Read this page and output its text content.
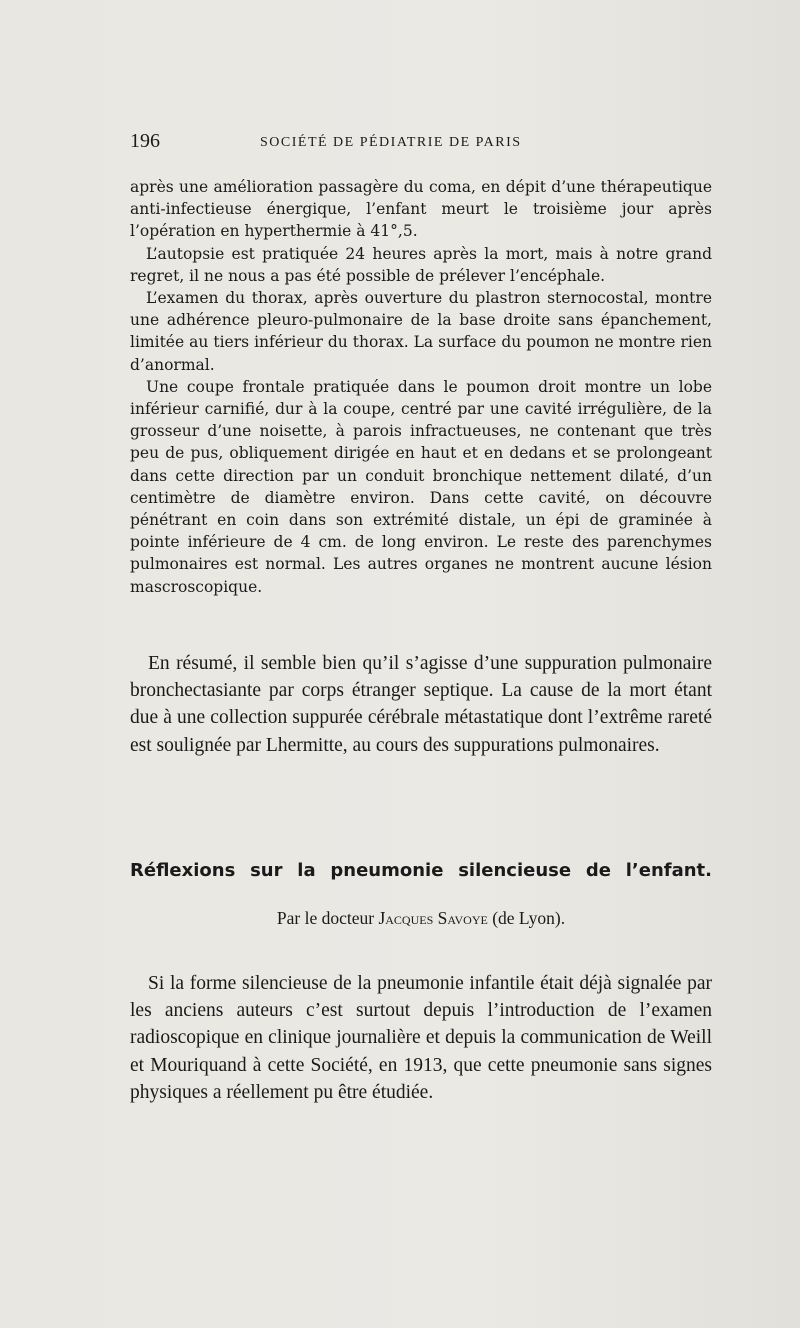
196	SOCIÉTÉ DE PÉDIATRIE DE PARIS

après une amélioration passagère du coma, en dépit d’une thérapeutique anti-infectieuse énergique, l’enfant meurt le troisième jour après l’opération en hyperthermie à 41°,5.

L’autopsie est pratiquée 24 heures après la mort, mais à notre grand regret, il ne nous a pas été possible de prélever l’encéphale.

L’examen du thorax, après ouverture du plastron sternocostal, montre une adhérence pleuro-pulmonaire de la base droite sans épanchement, limitée au tiers inférieur du thorax. La surface du poumon ne montre rien d’anormal.

Une coupe frontale pratiquée dans le poumon droit montre un lobe inférieur carnifié, dur à la coupe, centré par une cavité irrégulière, de la grosseur d’une noisette, à parois infractueuses, ne contenant que très peu de pus, obliquement dirigée en haut et en dedans et se prolongeant dans cette direction par un conduit bronchique nettement dilaté, d’un centimètre de diamètre environ. Dans cette cavité, on découvre pénétrant en coin dans son extrémité distale, un épi de graminée à pointe inférieure de 4 cm. de long environ. Le reste des parenchymes pulmonaires est normal. Les autres organes ne montrent aucune lésion mascroscopique.

En résumé, il semble bien qu’il s’agisse d’une suppuration pulmonaire bronchectasiante par corps étranger septique. La cause de la mort étant due à une collection suppurée cérébrale métastatique dont l’extrême rareté est soulignée par Lhermitte, au cours des suppurations pulmonaires.

Réflexions sur la pneumonie silencieuse de l’enfant.

Par le docteur Jacques Savoye (de Lyon).

Si la forme silencieuse de la pneumonie infantile était déjà signalée par les anciens auteurs c’est surtout depuis l’introduction de l’examen radioscopique en clinique journalière et depuis la communication de Weill et Mouriquand à cette Société, en 1913, que cette pneumonie sans signes physiques a réellement pu être étudiée.
